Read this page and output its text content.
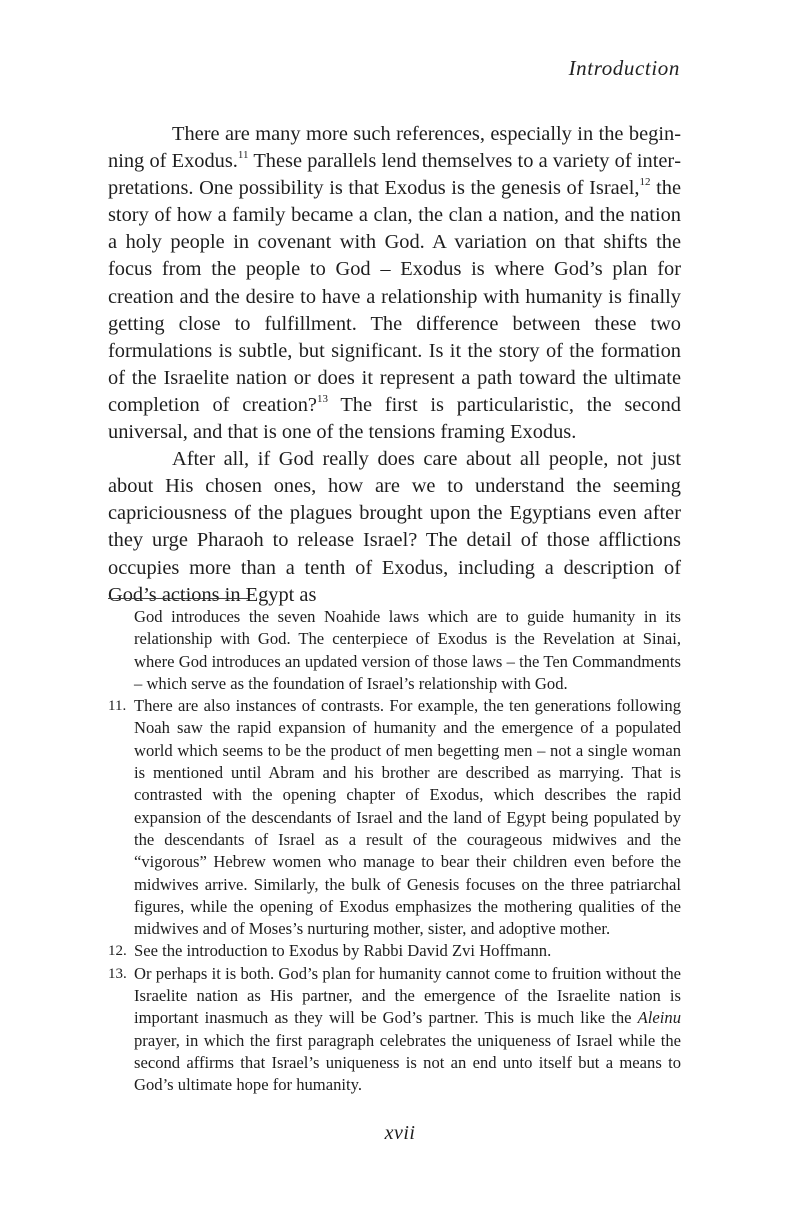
Introduction

There are many more such references, especially in the beginning of Exodus.$^{11}$ These parallels lend themselves to a variety of interpretations. One possibility is that Exodus is the genesis of Israel,$^{12}$ the story of how a family became a clan, the clan a nation, and the nation a holy people in covenant with God. A variation on that shifts the focus from the people to God – Exodus is where God’s plan for creation and the desire to have a relationship with humanity is finally getting close to fulfillment. The difference between these two formulations is subtle, but significant. Is it the story of the formation of the Israelite nation or does it represent a path toward the ultimate completion of creation?$^{13}$ The first is particularistic, the second universal, and that is one of the tensions framing Exodus.

After all, if God really does care about all people, not just about His chosen ones, how are we to understand the seeming capriciousness of the plagues brought upon the Egyptians even after they urge Pharaoh to release Israel? The detail of those afflictions occupies more than a tenth of Exodus, including a description of God’s actions in Egypt as

God introduces the seven Noahide laws which are to guide humanity in its relationship with God. The centerpiece of Exodus is the Revelation at Sinai, where God introduces an updated version of those laws – the Ten Commandments – which serve as the foundation of Israel’s relationship with God.

11. There are also instances of contrasts. For example, the ten generations following Noah saw the rapid expansion of humanity and the emergence of a populated world which seems to be the product of men begetting men – not a single woman is mentioned until Abram and his brother are described as marrying. That is contrasted with the opening chapter of Exodus, which describes the rapid expansion of the descendants of Israel and the land of Egypt being populated by the descendants of Israel as a result of the courageous midwives and the “vigorous” Hebrew women who manage to bear their children even before the midwives arrive. Similarly, the bulk of Genesis focuses on the three patriarchal figures, while the opening of Exodus emphasizes the mothering qualities of the midwives and of Moses’s nurturing mother, sister, and adoptive mother.

12. See the introduction to Exodus by Rabbi David Zvi Hoffmann.

13. Or perhaps it is both. God’s plan for humanity cannot come to fruition without the Israelite nation as His partner, and the emergence of the Israelite nation is important inasmuch as they will be God’s partner. This is much like the Aleinu prayer, in which the first paragraph celebrates the uniqueness of Israel while the second affirms that Israel’s uniqueness is not an end unto itself but a means to God’s ultimate hope for humanity.

xvii
